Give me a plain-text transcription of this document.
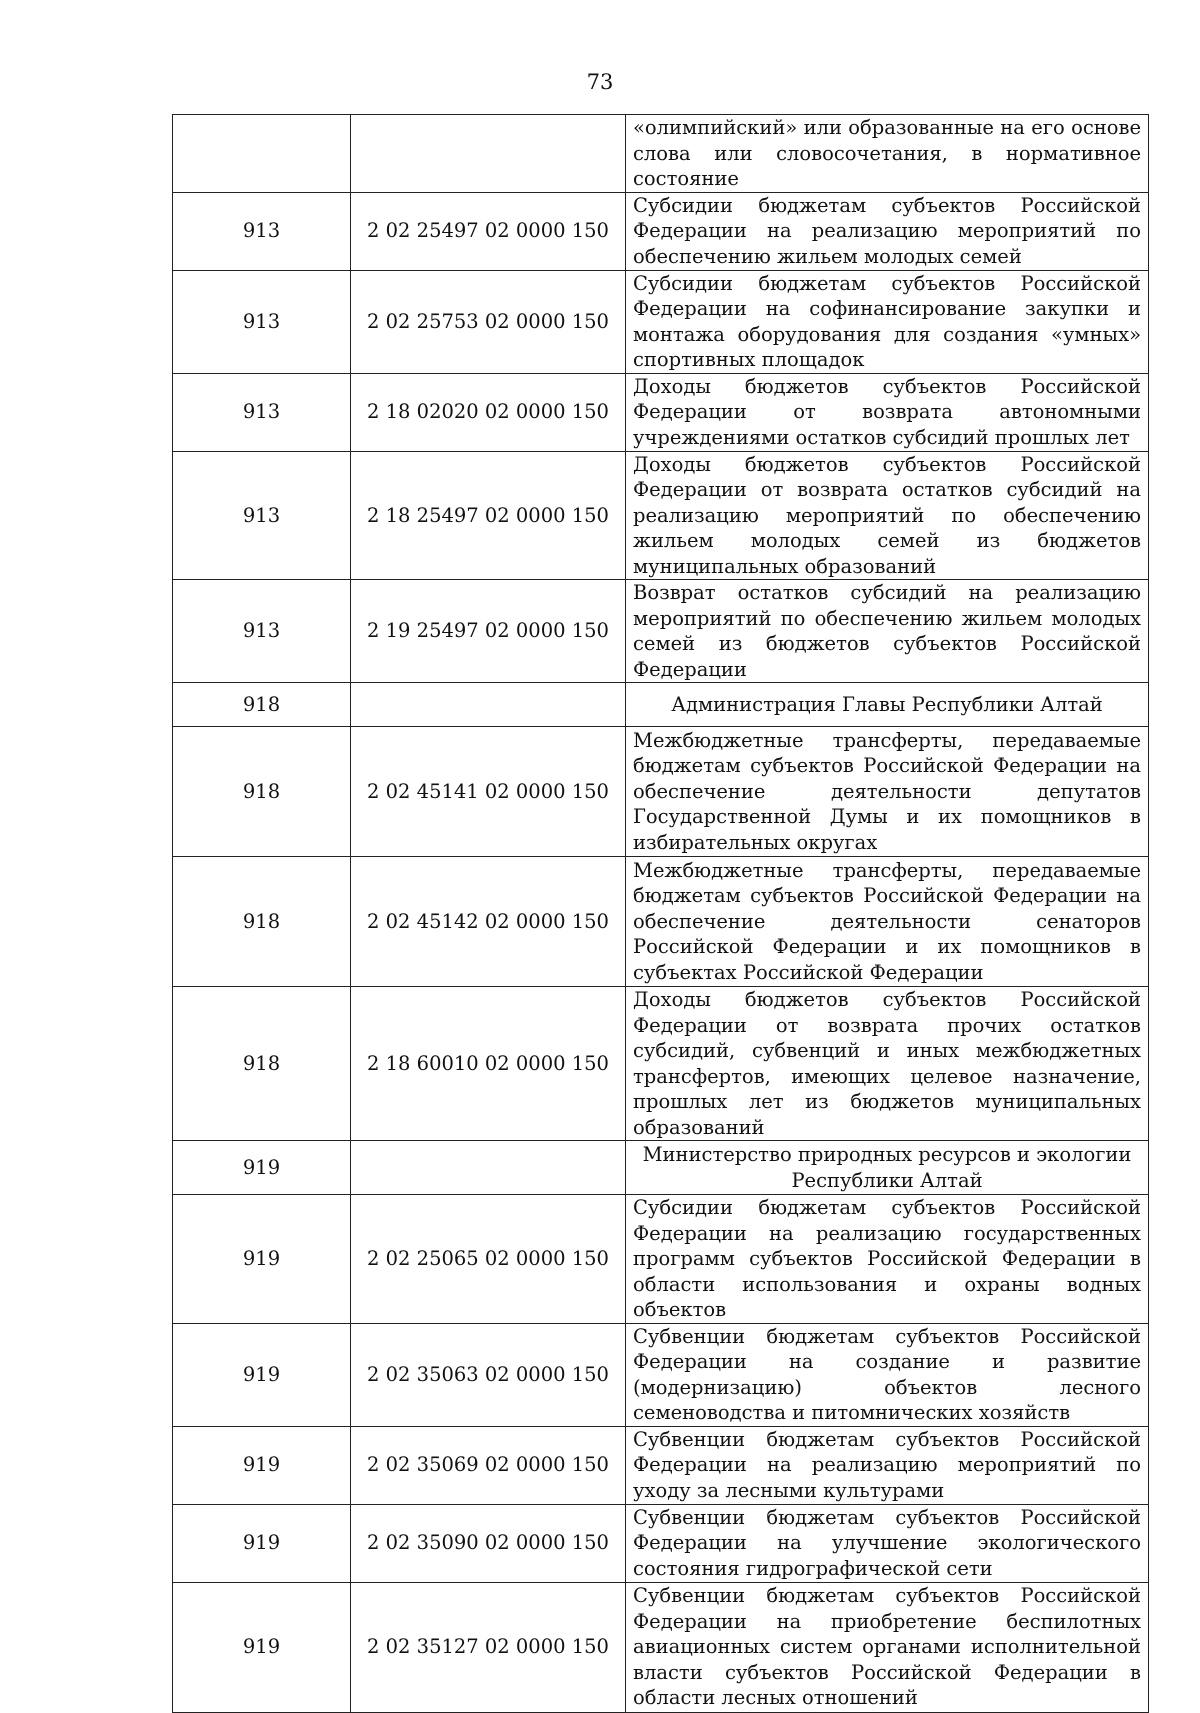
73
		«олимпийский» или образованные на его основе слова или словосочетания, в нормативное состояние
913	2 02 25497 02 0000 150	Субсидии бюджетам субъектов Российской Федерации на реализацию мероприятий по обеспечению жильем молодых семей
913	2 02 25753 02 0000 150	Субсидии бюджетам субъектов Российской Федерации на софинансирование закупки и монтажа оборудования для создания «умных» спортивных площадок
913	2 18 02020 02 0000 150	Доходы бюджетов субъектов Российской Федерации от возврата автономными учреждениями остатков субсидий прошлых лет
913	2 18 25497 02 0000 150	Доходы бюджетов субъектов Российской Федерации от возврата остатков субсидий на реализацию мероприятий по обеспечению жильем молодых семей из бюджетов муниципальных образований
913	2 19 25497 02 0000 150	Возврат остатков субсидий на реализацию мероприятий по обеспечению жильем молодых семей из бюджетов субъектов Российской Федерации
918		Администрация Главы Республики Алтай
918	2 02 45141 02 0000 150	Межбюджетные трансферты, передаваемые бюджетам субъектов Российской Федерации на обеспечение деятельности депутатов Государственной Думы и их помощников в избирательных округах
918	2 02 45142 02 0000 150	Межбюджетные трансферты, передаваемые бюджетам субъектов Российской Федерации на обеспечение деятельности сенаторов Российской Федерации и их помощников в субъектах Российской Федерации
918	2 18 60010 02 0000 150	Доходы бюджетов субъектов Российской Федерации от возврата прочих остатков субсидий, субвенций и иных межбюджетных трансфертов, имеющих целевое назначение, прошлых лет из бюджетов муниципальных образований
919		Министерство природных ресурсов и экологии Республики Алтай
919	2 02 25065 02 0000 150	Субсидии бюджетам субъектов Российской Федерации на реализацию государственных программ субъектов Российской Федерации в области использования и охраны водных объектов
919	2 02 35063 02 0000 150	Субвенции бюджетам субъектов Российской Федерации на создание и развитие (модернизацию) объектов лесного семеноводства и питомнических хозяйств
919	2 02 35069 02 0000 150	Субвенции бюджетам субъектов Российской Федерации на реализацию мероприятий по уходу за лесными культурами
919	2 02 35090 02 0000 150	Субвенции бюджетам субъектов Российской Федерации на улучшение экологического состояния гидрографической сети
919	2 02 35127 02 0000 150	Субвенции бюджетам субъектов Российской Федерации на приобретение беспилотных авиационных систем органами исполнительной власти субъектов Российской Федерации в области лесных отношений
